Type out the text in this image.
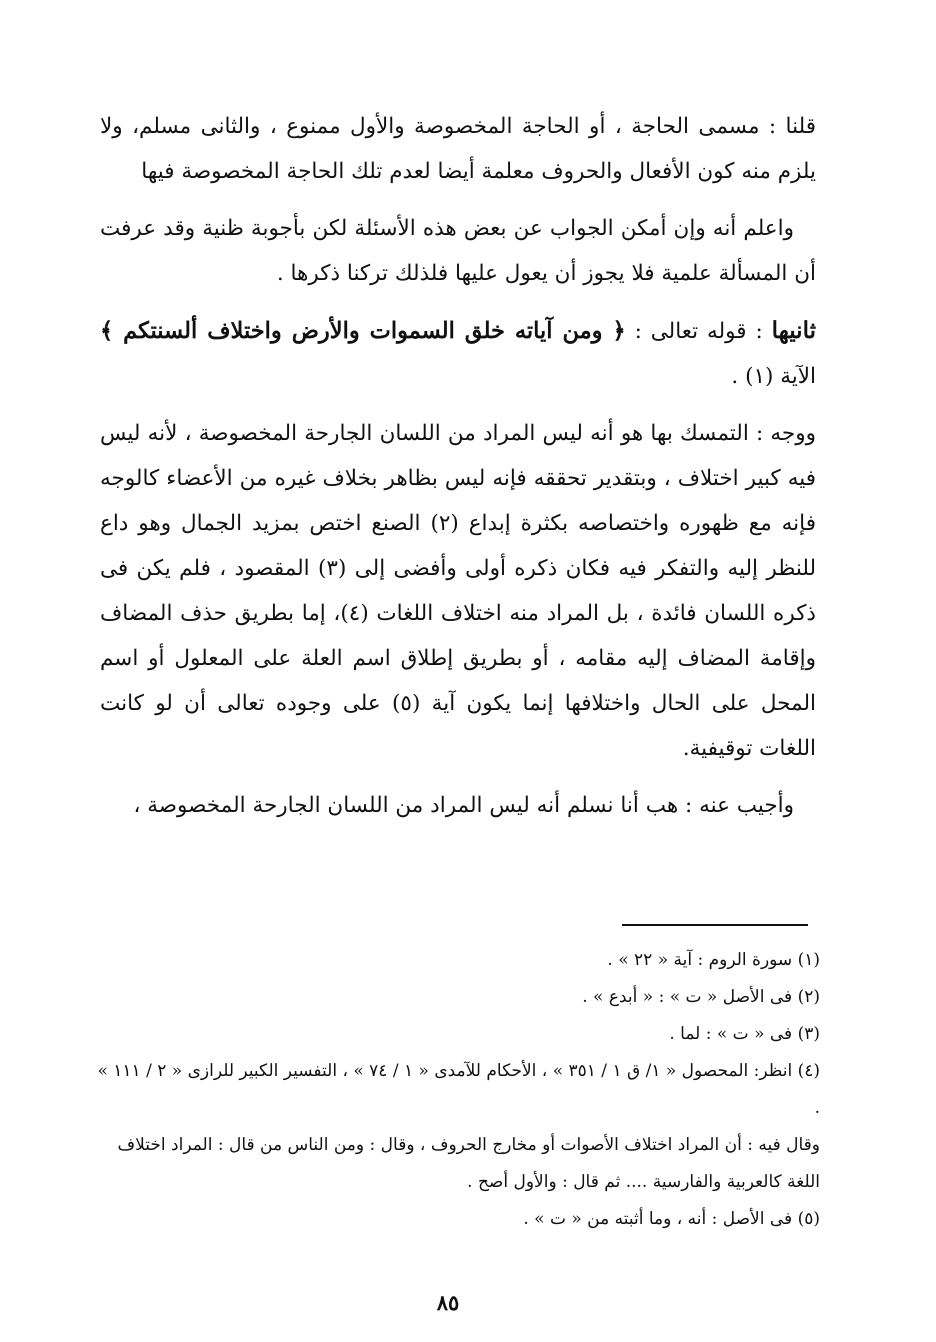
قلنا : مسمى الحاجة ، أو الحاجة المخصوصة والأول ممنوع ، والثانى مسلم، ولا يلزم منه كون الأفعال والحروف معلمة أيضا لعدم تلك الحاجة المخصوصة فيها

واعلم أنه وإن أمكن الجواب عن بعض هذه الأسئلة لكن بأجوبة ظنية وقد عرفت أن المسألة علمية فلا يجوز أن يعول عليها فلذلك تركنا ذكرها .

ثانيها : قوله تعالى : ﴿ ومن آياته خلق السموات والأرض واختلاف ألسنتكم ﴾ الآية (١) .

ووجه : التمسك بها هو أنه ليس المراد من اللسان الجارحة المخصوصة ، لأنه ليس فيه كبير اختلاف ، وبتقدير تحققه فإنه ليس بظاهر بخلاف غيره من الأعضاء كالوجه فإنه مع ظهوره واختصاصه بكثرة إبداع (٢) الصنع اختص بمزيد الجمال وهو داع للنظر إليه والتفكر فيه فكان ذكره أولى وأفضى إلى (٣) المقصود ، فلم يكن فى ذكره اللسان فائدة ، بل المراد منه اختلاف اللغات (٤)، إما بطريق حذف المضاف وإقامة المضاف إليه مقامه ، أو بطريق إطلاق اسم العلة على المعلول أو اسم المحل على الحال واختلافها إنما يكون آية (٥) على وجوده تعالى أن لو كانت اللغات توقيفية.

وأجيب عنه : هب أنا نسلم أنه ليس المراد من اللسان الجارحة المخصوصة ،

(١) سورة الروم : آية « ٢٢ » .

(٢) فى الأصل « ت » : « أبدع » .

(٣) فى « ت » : لما .

(٤) انظر: المحصول « ١/ ق ١ / ٣٥١ » ، الأحكام للآمدى « ١ / ٧٤ » ، التفسير الكبير للرازى « ٢ / ١١١ » .

وقال فيه : أن المراد اختلاف الأصوات أو مخارج الحروف ، وقال : ومن الناس من قال : المراد اختلاف اللغة كالعربية والفارسية .... ثم قال : والأول أصح .

(٥) فى الأصل : أنه ، وما أثبته من « ت » .

٨٥
